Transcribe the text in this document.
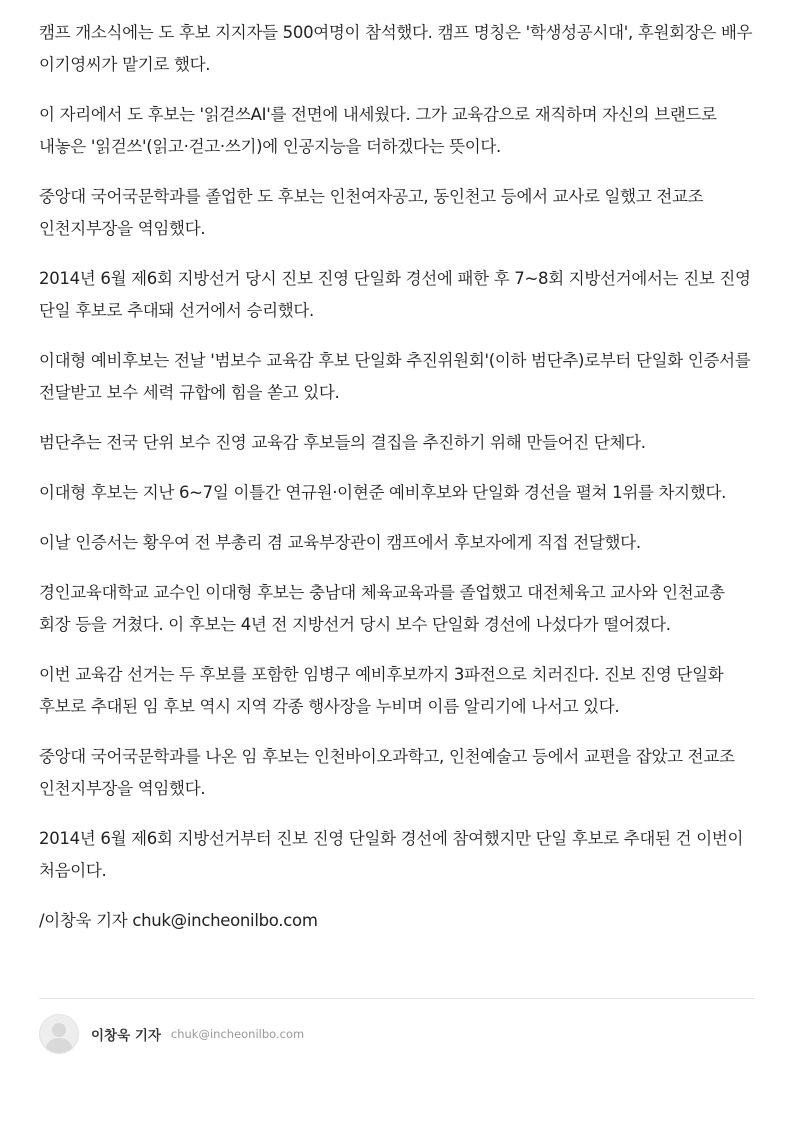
캠프 개소식에는 도 후보 지지자들 500여명이 참석했다. 캠프 명칭은 '학생성공시대', 후원회장은 배우 이기영씨가 맡기로 했다.

이 자리에서 도 후보는 '읽걷쓰AI'를 전면에 내세웠다. 그가 교육감으로 재직하며 자신의 브랜드로 내놓은 '읽걷쓰'(읽고·걷고·쓰기)에 인공지능을 더하겠다는 뜻이다.

중앙대 국어국문학과를 졸업한 도 후보는 인천여자공고, 동인천고 등에서 교사로 일했고 전교조 인천지부장을 역임했다.

2014년 6월 제6회 지방선거 당시 진보 진영 단일화 경선에 패한 후 7~8회 지방선거에서는 진보 진영 단일 후보로 추대돼 선거에서 승리했다.

이대형 예비후보는 전날 '범보수 교육감 후보 단일화 추진위원회'(이하 범단추)로부터 단일화 인증서를 전달받고 보수 세력 규합에 힘을 쏟고 있다.

범단추는 전국 단위 보수 진영 교육감 후보들의 결집을 추진하기 위해 만들어진 단체다.

이대형 후보는 지난 6~7일 이틀간 연규원·이현준 예비후보와 단일화 경선을 펼쳐 1위를 차지했다.

이날 인증서는 황우여 전 부총리 겸 교육부장관이 캠프에서 후보자에게 직접 전달했다.

경인교육대학교 교수인 이대형 후보는 충남대 체육교육과를 졸업했고 대전체육고 교사와 인천교총 회장 등을 거쳤다. 이 후보는 4년 전 지방선거 당시 보수 단일화 경선에 나섰다가 떨어졌다.

이번 교육감 선거는 두 후보를 포함한 임병구 예비후보까지 3파전으로 치러진다. 진보 진영 단일화 후보로 추대된 임 후보 역시 지역 각종 행사장을 누비며 이름 알리기에 나서고 있다.

중앙대 국어국문학과를 나온 임 후보는 인천바이오과학고, 인천예술고 등에서 교편을 잡았고 전교조 인천지부장을 역임했다.

2014년 6월 제6회 지방선거부터 진보 진영 단일화 경선에 참여했지만 단일 후보로 추대된 건 이번이 처음이다.

/이창욱 기자 chuk@incheonilbo.com

이창욱 기자 chuk@incheonilbo.com
